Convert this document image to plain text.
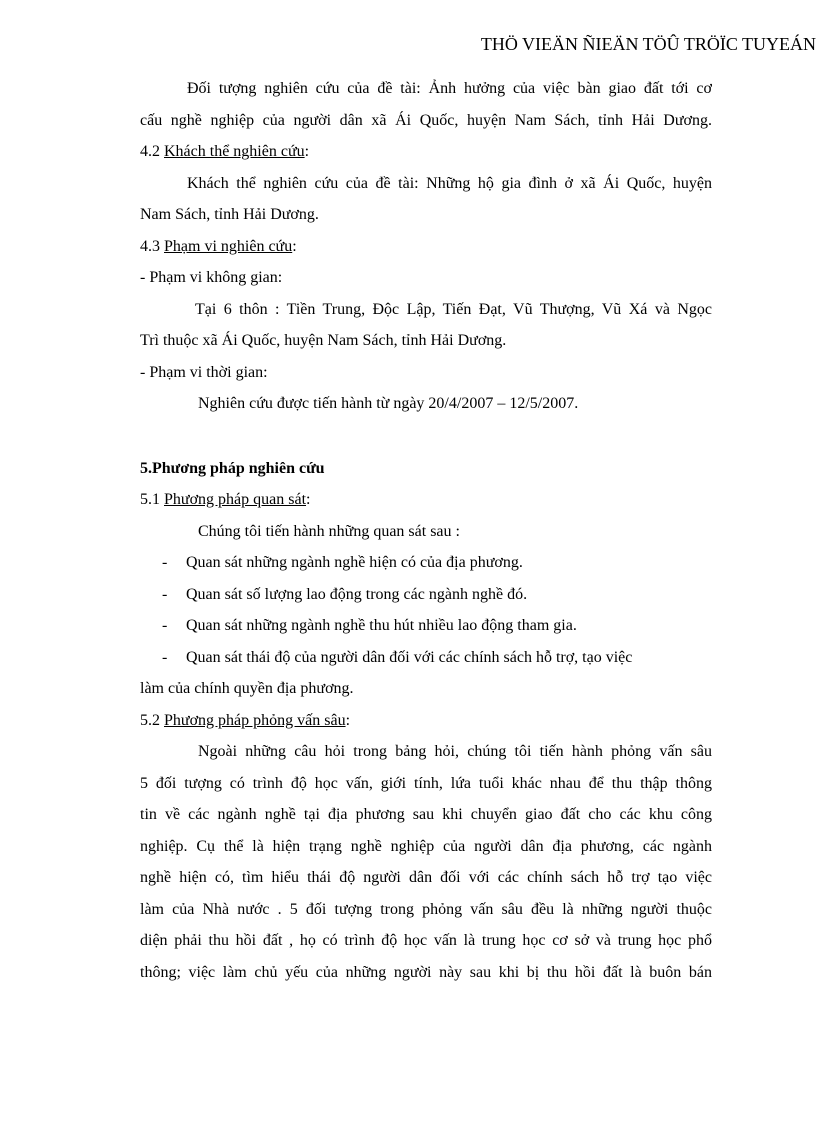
THÖ VIEÄN ÑIEÄN TÖÛ TRÖÏC TUYEÁN
Đối tượng nghiên cứu của đề tài: Ảnh hưởng của việc bàn giao đất tới cơ
cấu nghề nghiệp của người dân xã Ái Quốc, huyện Nam Sách, tỉnh Hải Dương.
4.2 Khách thể nghiên cứu:
Khách thể nghiên cứu của đề tài: Những hộ gia đình ở xã Ái Quốc, huyện
Nam Sách, tỉnh Hải Dương.
4.3 Phạm vi nghiên cứu:
- Phạm vi không gian:
Tại 6 thôn : Tiền Trung, Độc Lập, Tiến Đạt, Vũ Thượng, Vũ Xá và Ngọc
Trì thuộc xã Ái Quốc, huyện Nam Sách, tỉnh Hải Dương.
- Phạm vi thời gian:
Nghiên cứu được tiến hành từ ngày 20/4/2007 – 12/5/2007.
5.Phương pháp nghiên cứu
5.1 Phương pháp quan sát:
Chúng tôi tiến hành những quan sát sau :
- Quan sát những ngành nghề hiện có của địa phương.
- Quan sát số lượng lao động trong các ngành nghề đó.
- Quan sát những ngành nghề thu hút nhiều lao động tham gia.
- Quan sát thái độ của người dân đối với các chính sách hỗ trợ, tạo việc
làm của chính quyền địa phương.
5.2 Phương pháp phỏng vấn sâu:
Ngoài những câu hỏi trong bảng hỏi, chúng tôi tiến hành phỏng vấn sâu
5 đối tượng có trình độ học vấn, giới tính, lứa tuổi khác nhau để thu thập thông
tin về các ngành nghề tại địa phương sau khi chuyển giao đất cho các khu công
nghiệp. Cụ thể là hiện trạng nghề nghiệp của người dân địa phương, các ngành
nghề hiện có, tìm hiểu thái độ người dân đối với các chính sách hỗ trợ tạo việc
làm của Nhà nước . 5 đối tượng trong phỏng vấn sâu đều là những người thuộc
diện phải thu hồi đất , họ có trình độ học vấn là trung học cơ sở và trung học phổ
thông; việc làm chủ yếu của những người này sau khi bị thu hồi đất là buôn bán
